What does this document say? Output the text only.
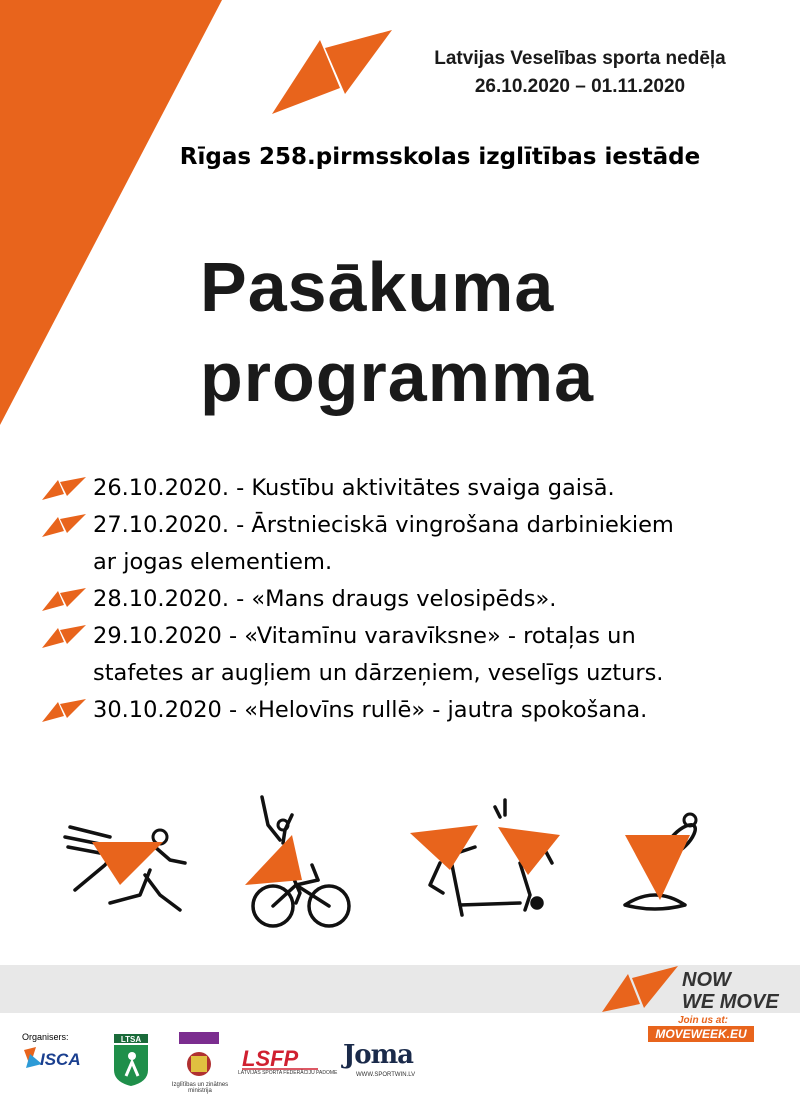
Latvijas Veselības sporta nedēļa
26.10.2020 – 01.11.2020
Rīgas 258.pirmsskolas izglītības iestāde
Pasākuma
programma
26.10.2020. - Kustību aktivitātes svaiga gaisā.
27.10.2020. - Ārstnieciskā vingrošana darbiniekiem
ar jogas elementiem.
28.10.2020. - «Mans draugs velosipēds».
29.10.2020 - «Vitamīnu varavīksne» - rotaļas un
stafetes ar augļiem un dārzeņiem, veselīgs uzturs.
30.10.2020 - «Helovīns rullē» - jautra spokošana.
NOW
WE MOVE
Join us at:
MOVEWEEK.EU
Organisers:
ISCA
LTSA
Izglītības un zinātnes ministrija
LSFP
LATVIJAS SPORTA FEDERĀCIJU PADOME
Joma
WWW.SPORTWIN.LV
